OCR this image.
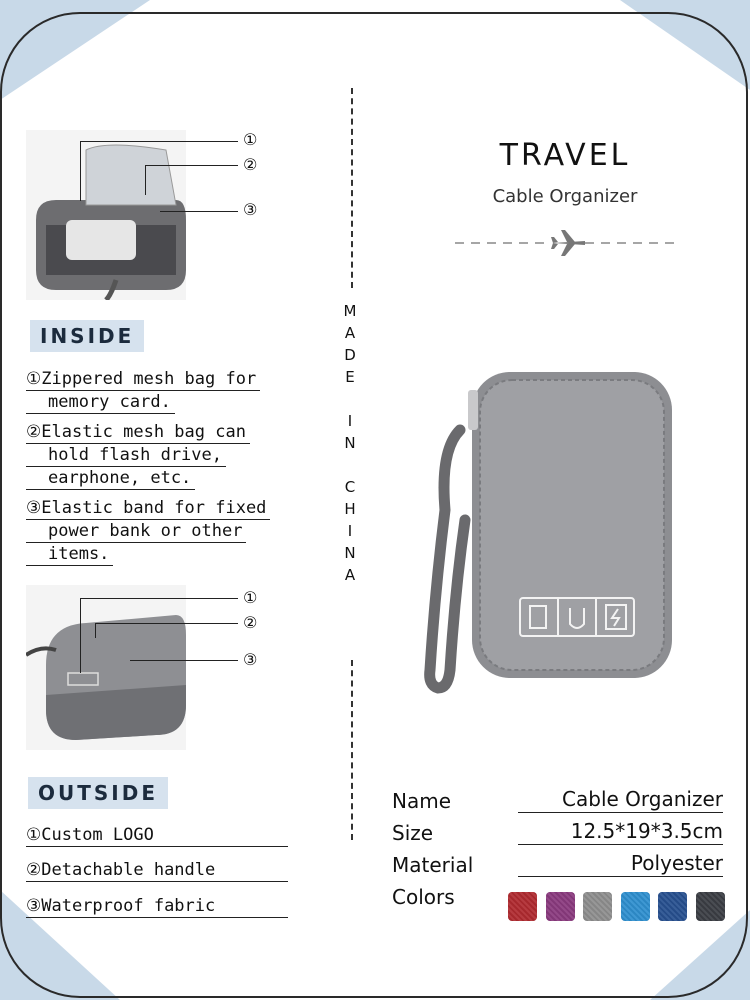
M
A
D
E
I
N
C
H
I
N
A
①
②
③
INSIDE
①Zippered mesh bag for
memory card.
②Elastic mesh bag can
hold flash drive,
earphone, etc.
③Elastic band for fixed
power bank or other
items.
①
②
③
OUTSIDE
①Custom LOGO
②Detachable handle
③Waterproof fabric
TRAVEL
Cable Organizer
Name	Cable Organizer
Size	12.5*19*3.5cm
Material	Polyester
Colors
